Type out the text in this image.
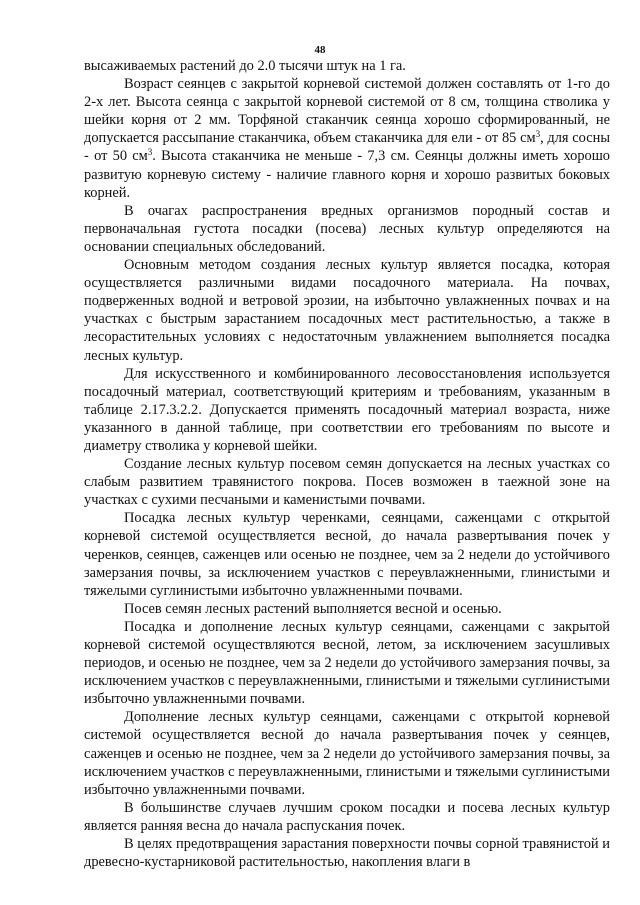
48

высаживаемых растений до 2.0 тысячи штук на 1 га.

Возраст сеянцев с закрытой корневой системой должен составлять от 1-го до 2-х лет. Высота сеянца с закрытой корневой системой от 8 см, толщина стволика у шейки корня от 2 мм. Торфяной стаканчик сеянца хорошо сформированный, не допускается рассыпание стаканчика, объем стаканчика для ели - от 85 $см^3$, для сосны - от 50 $см^3$. Высота стаканчика не меньше - 7,3 см. Сеянцы должны иметь хорошо развитую корневую систему - наличие главного корня и хорошо развитых боковых корней.

В очагах распространения вредных организмов породный состав и первоначальная густота посадки (посева) лесных культур определяются на основании специальных обследований.

Основным методом создания лесных культур является посадка, которая осуществляется различными видами посадочного материала. На почвах, подверженных водной и ветровой эрозии, на избыточно увлажненных почвах и на участках с быстрым зарастанием посадочных мест растительностью, а также в лесорастительных условиях с недостаточным увлажнением выполняется посадка лесных культур.

Для искусственного и комбинированного лесовосстановления используется посадочный материал, соответствующий критериям и требованиям, указанным в таблице 2.17.3.2.2. Допускается применять посадочный материал возраста, ниже указанного в данной таблице, при соответствии его требованиям по высоте и диаметру стволика у корневой шейки.

Создание лесных культур посевом семян допускается на лесных участках со слабым развитием травянистого покрова. Посев возможен в таежной зоне на участках с сухими песчаными и каменистыми почвами.

Посадка лесных культур черенками, сеянцами, саженцами с открытой корневой системой осуществляется весной, до начала развертывания почек у черенков, сеянцев, саженцев или осенью не позднее, чем за 2 недели до устойчивого замерзания почвы, за исключением участков с переувлажненными, глинистыми и тяжелыми суглинистыми избыточно увлажненными почвами.

Посев семян лесных растений выполняется весной и осенью.

Посадка и дополнение лесных культур сеянцами, саженцами с закрытой корневой системой осуществляются весной, летом, за исключением засушливых периодов, и осенью не позднее, чем за 2 недели до устойчивого замерзания почвы, за исключением участков с переувлажненными, глинистыми и тяжелыми суглинистыми избыточно увлажненными почвами.

Дополнение лесных культур сеянцами, саженцами с открытой корневой системой осуществляется весной до начала развертывания почек у сеянцев, саженцев и осенью не позднее, чем за 2 недели до устойчивого замерзания почвы, за исключением участков с переувлажненными, глинистыми и тяжелыми суглинистыми избыточно увлажненными почвами.

В большинстве случаев лучшим сроком посадки и посева лесных культур является ранняя весна до начала распускания почек.

В целях предотвращения зарастания поверхности почвы сорной травянистой и древесно-кустарниковой растительностью, накопления влаги в
